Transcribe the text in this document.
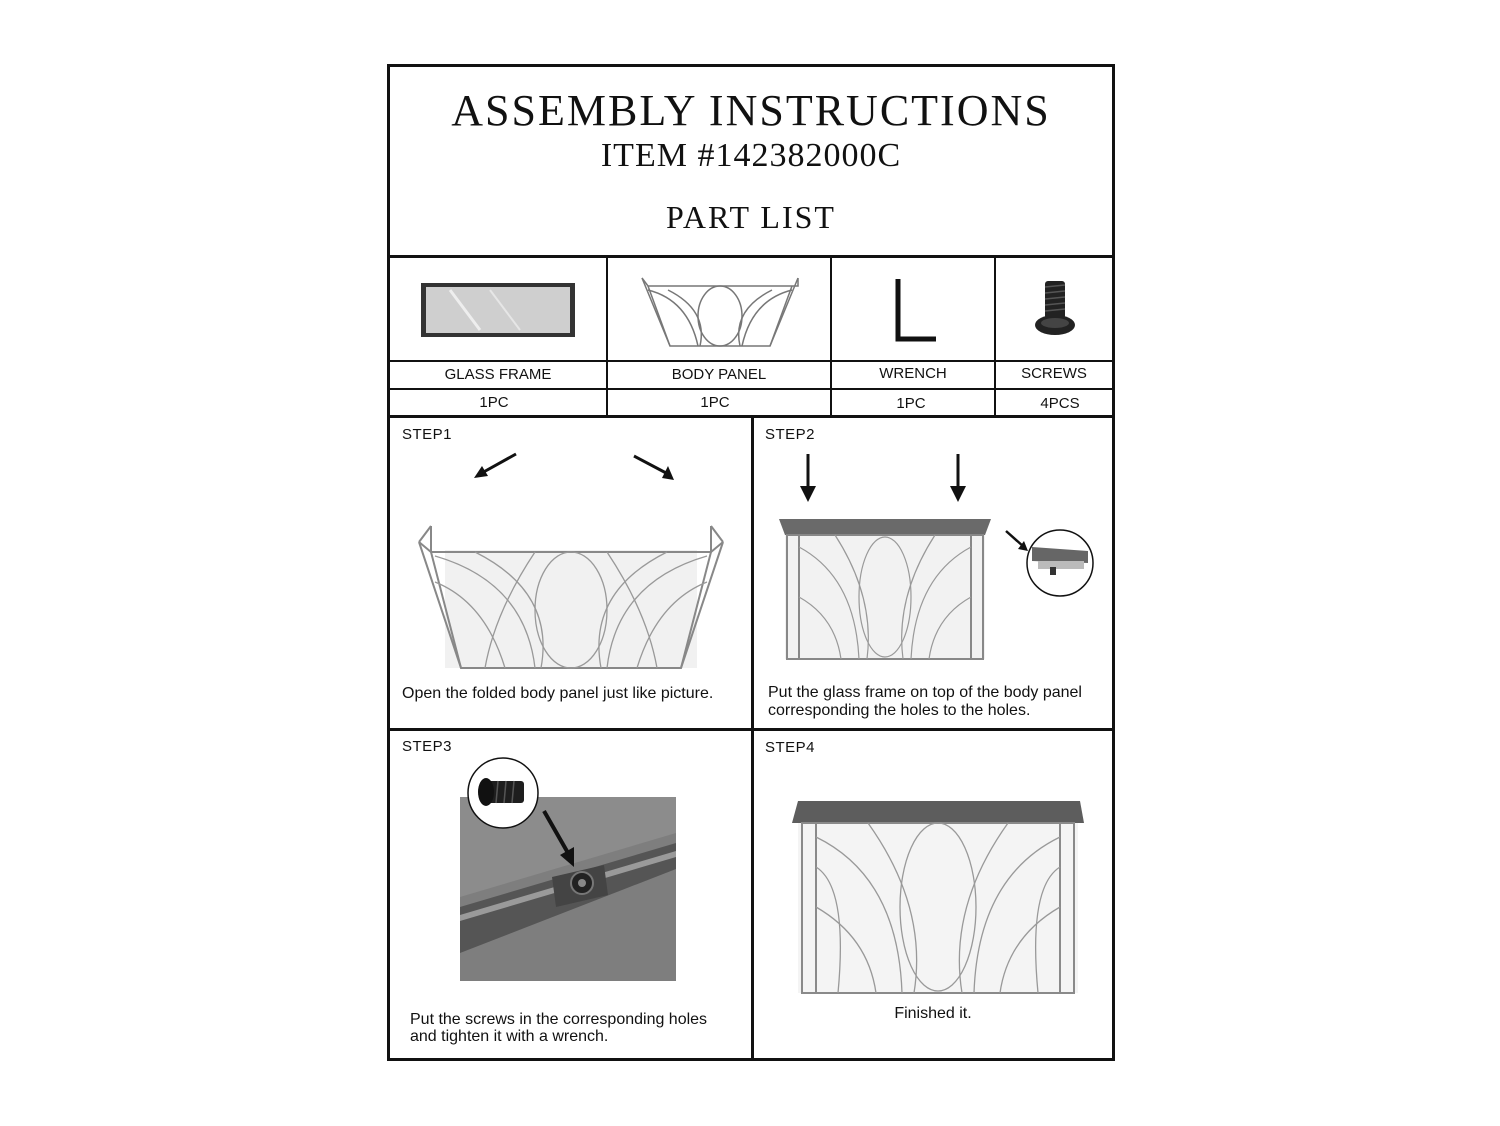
ASSEMBLY INSTRUCTIONS
ITEM #142382000C
PART LIST
GLASS FRAME	BODY PANEL	WRENCH	SCREWS
1PC	1PC	1PC	4PCS
STEP1
Open the folded body panel just like picture.
STEP2
Put the glass frame on top of the body panel
corresponding the holes to the holes.
STEP3
Put the screws in the corresponding holes
and tighten it with a wrench.
STEP4
Finished it.
